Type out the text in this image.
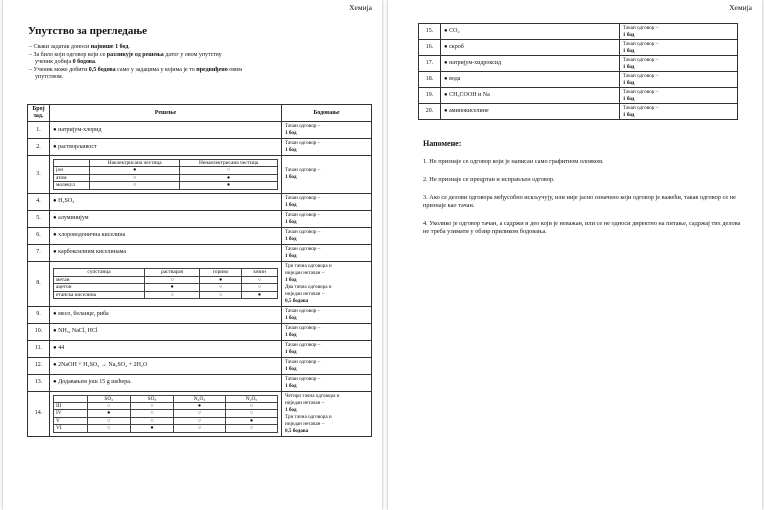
Хемија
Упутство за прегледање

– Сваки задатак доноси највише 1 бод.

– За било који одговор који се разликује од решења датог у овом упутству

ученик добија 0 бодова.

– Ученик може добити 0,5 бодова само у задацима у којима је то предвиђено овим

упутством.

Број зад.	Решење	Бодовање
1.	● натријум-хлорид	
Тачан одговор –
1 бод

2.	● растворљивост	
Тачан одговор –
1 бод

3.	
	Наелектрисана честица	Ненаелектрисана честица
јон	●	○
атом	○	●
молекул	○	●

Тачан одговор –
1 бод

4.	● H₂SO₄	
Тачан одговор –
1 бод

5.	● алуминијум	
Тачан одговор –
1 бод

6.	● хлороводонична киселина	
Тачан одговор –
1 бод

7.	● карбоксилним киселинама	
Тачан одговор –
1 бод

8.	
супстанца	растварач	гориво	зачин
метан	○	●	○
ацетон	●	○	○
етанска киселина	○	○	●

Три тачна одговора и
ниједан нетачан –
1 бод
Два тачна одговора и
ниједан нетачан –
0,5 бодова

9.	● месо, беланце, риба	
Тачан одговор –
1 бод

10.	● NH₃, NaCl, HCl	
Тачан одговор –
1 бод

11.	● 44	
Тачан одговор –
1 бод

12.	● 2NaOH + H₂SO₄ → Na₂SO₄ + 2H₂O	
Тачан одговор –
1 бод

13.	● Додавањем још 15 g шећера.	
Тачан одговор –
1 бод

14.	
	SO₂	SO₃	N₂O₃	N₂O₅
III	○	○	●	○
IV	●	○	○	○
V	○	○	○	●
VI	○	●	○	○

Четири тачна одговора и
ниједан нетачан –
1 бод
Три тачна одговора и
ниједан нетачан –
0,5 бодова
Хемија
15.	● CO₂	Тачан одговор –
1 бод

16.	● скроб	Тачан одговор –
1 бод

17.	● натријум-хидроксид	Тачан одговор –
1 бод

18.	● вода	Тачан одговор –
1 бод

19.	● CH₃COOH и Na	Тачан одговор –
1 бод

20.	● аминокиселине	Тачан одговор –
1 бод
Напомене:

1. Не признаје се одговор који је написан само графитном оловком.

2. Не признаје се прецртан и исправљен одговор.

3. Ако се делови одговора међусобно искључују, или није јасно означено који одговор је важећи, такав одговор се не признаје као тачан.

4. Уколико је одговор тачан, а садржи и део који је неважан, или се не односи директно на питање, садржај тих делова не треба узимати у обзир приликом бодовања.
